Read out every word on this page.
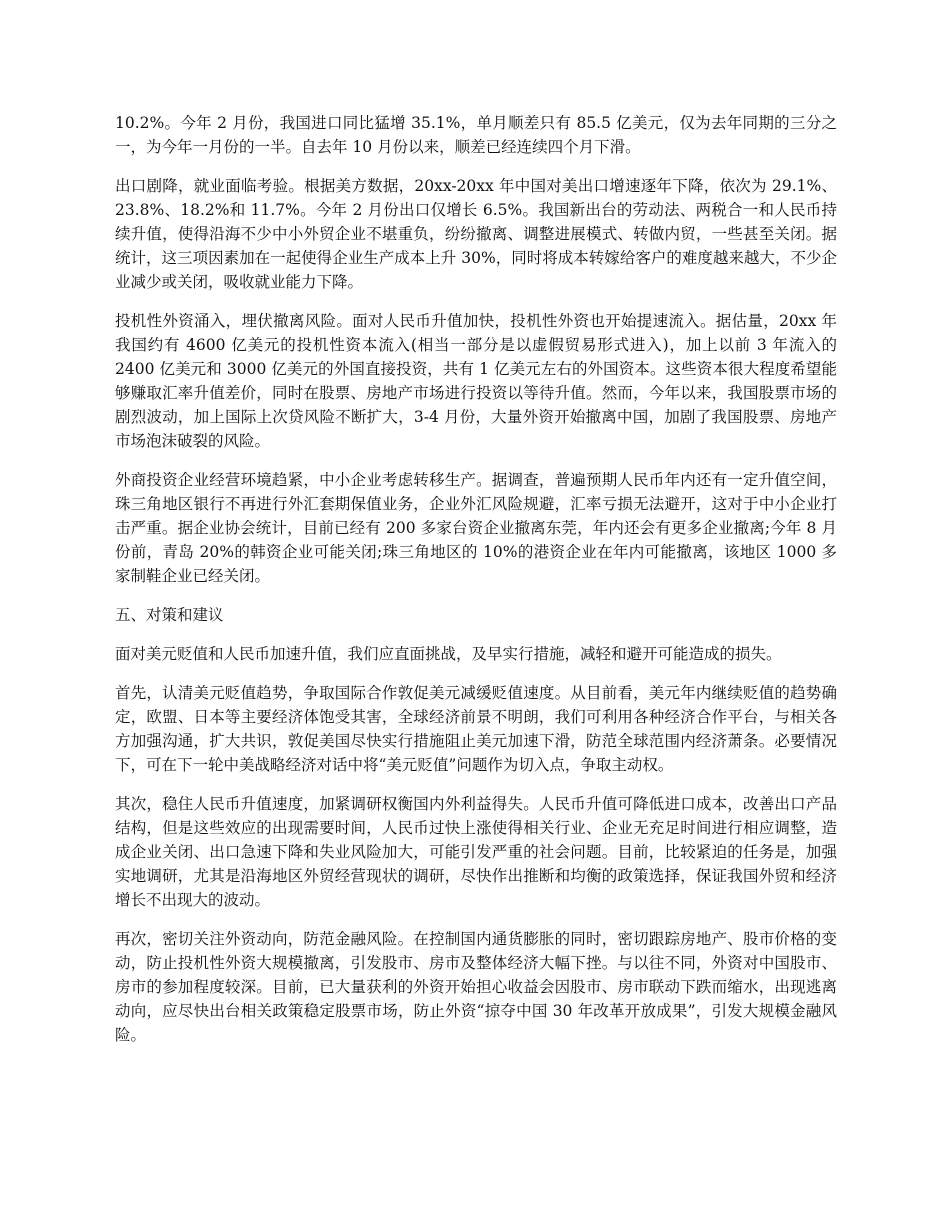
10.2%。今年 2 月份，我国进口同比猛增 35.1%，单月顺差只有 85.5 亿美元，仅为去年同期的三分之一，为今年一月份的一半。自去年 10 月份以来，顺差已经连续四个月下滑。

出口剧降，就业面临考验。根据美方数据，20xx-20xx 年中国对美出口增速逐年下降，依次为 29.1%、23.8%、18.2%和 11.7%。今年 2 月份出口仅增长 6.5%。我国新出台的劳动法、两税合一和人民币持续升值，使得沿海不少中小外贸企业不堪重负，纷纷撤离、调整进展模式、转做内贸，一些甚至关闭。据统计，这三项因素加在一起使得企业生产成本上升 30%，同时将成本转嫁给客户的难度越来越大，不少企业减少或关闭，吸收就业能力下降。

投机性外资涌入，埋伏撤离风险。面对人民币升值加快，投机性外资也开始提速流入。据估量，20xx 年我国约有 4600 亿美元的投机性资本流入(相当一部分是以虚假贸易形式进入)，加上以前 3 年流入的 2400 亿美元和 3000 亿美元的外国直接投资，共有 1 亿美元左右的外国资本。这些资本很大程度希望能够赚取汇率升值差价，同时在股票、房地产市场进行投资以等待升值。然而，今年以来，我国股票市场的剧烈波动，加上国际上次贷风险不断扩大，3-4 月份，大量外资开始撤离中国，加剧了我国股票、房地产市场泡沫破裂的风险。

外商投资企业经营环境趋紧，中小企业考虑转移生产。据调查，普遍预期人民币年内还有一定升值空间，珠三角地区银行不再进行外汇套期保值业务，企业外汇风险规避，汇率亏损无法避开，这对于中小企业打击严重。据企业协会统计，目前已经有 200 多家台资企业撤离东莞，年内还会有更多企业撤离;今年 8 月份前，青岛 20%的韩资企业可能关闭;珠三角地区的 10%的港资企业在年内可能撤离，该地区 1000 多家制鞋企业已经关闭。

五、对策和建议

面对美元贬值和人民币加速升值，我们应直面挑战，及早实行措施，减轻和避开可能造成的损失。

首先，认清美元贬值趋势，争取国际合作敦促美元减缓贬值速度。从目前看，美元年内继续贬值的趋势确定，欧盟、日本等主要经济体饱受其害，全球经济前景不明朗，我们可利用各种经济合作平台，与相关各方加强沟通，扩大共识，敦促美国尽快实行措施阻止美元加速下滑，防范全球范围内经济萧条。必要情况下，可在下一轮中美战略经济对话中将“美元贬值”问题作为切入点，争取主动权。

其次，稳住人民币升值速度，加紧调研权衡国内外利益得失。人民币升值可降低进口成本，改善出口产品结构，但是这些效应的出现需要时间，人民币过快上涨使得相关行业、企业无充足时间进行相应调整，造成企业关闭、出口急速下降和失业风险加大，可能引发严重的社会问题。目前，比较紧迫的任务是，加强实地调研，尤其是沿海地区外贸经营现状的调研，尽快作出推断和均衡的政策选择，保证我国外贸和经济增长不出现大的波动。

再次，密切关注外资动向，防范金融风险。在控制国内通货膨胀的同时，密切跟踪房地产、股市价格的变动，防止投机性外资大规模撤离，引发股市、房市及整体经济大幅下挫。与以往不同，外资对中国股市、房市的参加程度较深。目前，已大量获利的外资开始担心收益会因股市、房市联动下跌而缩水，出现逃离动向，应尽快出台相关政策稳定股票市场，防止外资“掠夺中国 30 年改革开放成果”，引发大规模金融风险。
